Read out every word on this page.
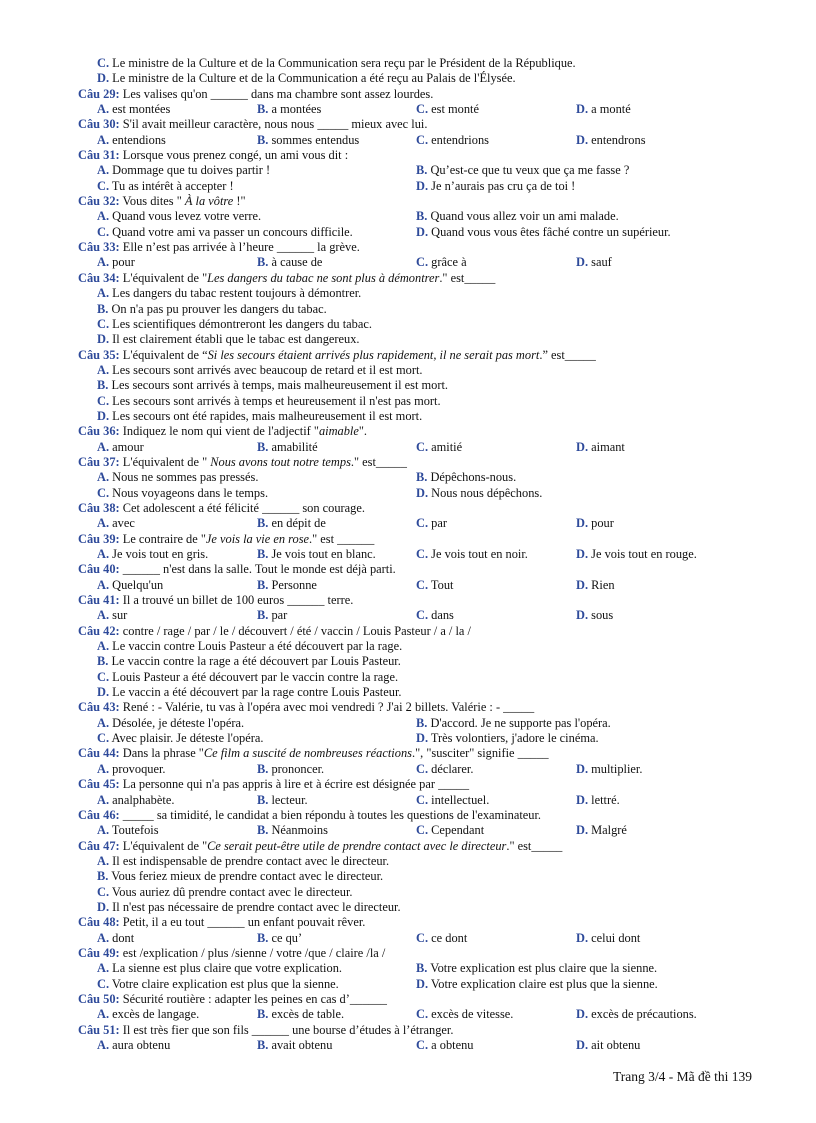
C. Le ministre de la Culture et de la Communication sera reçu par le Président de la République.
D. Le ministre de la Culture et de la Communication a été reçu au Palais de l'Élysée.
Câu 29: Les valises qu'on ______ dans ma chambre sont assez lourdes.
A. est montées	B. a montées	C. est monté	D. a monté
Câu 30: S'il avait meilleur caractère, nous nous _____ mieux avec lui.
A. entendions	B. sommes entendus	C. entendrions	D. entendrons
Câu 31: Lorsque vous prenez congé, un ami vous dit :
A. Dommage que tu doives partir !	B. Qu’est-ce que tu veux que ça me fasse ?
C. Tu as intérêt à accepter !	D. Je n’aurais pas cru ça de toi !
Câu 32: Vous dites " À la vôtre !"
A. Quand vous levez votre verre.	B. Quand vous allez voir un ami malade.
C. Quand votre ami va passer un concours difficile.	D. Quand vous vous êtes fâché contre un supérieur.
Câu 33: Elle n’est pas arrivée à l’heure ______ la grève.
A. pour	B. à cause de	C. grâce à	D. sauf
Câu 34: L'équivalent de "Les dangers du tabac ne sont plus à démontrer." est_____
A. Les dangers du tabac restent toujours à démontrer.
B. On n'a pas pu prouver les dangers du tabac.
C. Les scientifiques démontreront les dangers du tabac.
D. Il est clairement établi que le tabac est dangereux.
Câu 35: L'équivalent de “Si les secours étaient arrivés plus rapidement, il ne serait pas mort.” est_____
A. Les secours sont arrivés avec beaucoup de retard et il est mort.
B. Les secours sont arrivés à temps, mais malheureusement il est mort.
C. Les secours sont arrivés à temps et heureusement il n'est pas mort.
D. Les secours ont été rapides, mais malheureusement il est mort.
Câu 36: Indiquez le nom qui vient de l'adjectif "aimable".
A. amour	B. amabilité	C. amitié	D. aimant
Câu 37: L'équivalent de " Nous avons tout notre temps." est_____
A. Nous ne sommes pas pressés.	B. Dépêchons-nous.
C. Nous voyageons dans le temps.	D. Nous nous dépêchons.
Câu 38: Cet adolescent a été félicité ______ son courage.
A. avec	B. en dépit de	C. par	D. pour
Câu 39: Le contraire de "Je vois la vie en rose." est ______
A. Je vois tout en gris.	B. Je vois tout en blanc.	C. Je vois tout en noir.	D. Je vois tout en rouge.
Câu 40: ______ n'est dans la salle. Tout le monde est déjà parti.
A. Quelqu'un	B. Personne	C. Tout	D. Rien
Câu 41: Il a trouvé un billet de 100 euros ______ terre.
A. sur	B. par	C. dans	D. sous
Câu 42: contre / rage / par / le / découvert / été / vaccin / Louis Pasteur / a / la /
A. Le vaccin contre Louis Pasteur a été découvert par la rage.
B. Le vaccin contre la rage a été découvert par Louis Pasteur.
C. Louis Pasteur a été découvert par le vaccin contre la rage.
D. Le vaccin a été découvert par la rage contre Louis Pasteur.
Câu 43: René : - Valérie, tu vas à l'opéra avec moi vendredi ? J'ai 2 billets. Valérie : - _____
A. Désolée, je déteste l'opéra.	B. D'accord. Je ne supporte pas l'opéra.
C. Avec plaisir. Je déteste l'opéra.	D. Très volontiers, j'adore le cinéma.
Câu 44: Dans la phrase "Ce film a suscité de nombreuses réactions.", "susciter" signifie _____
A. provoquer.	B. prononcer.	C. déclarer.	D. multiplier.
Câu 45: La personne qui n'a pas appris à lire et à écrire est désignée par _____
A. analphabète.	B. lecteur.	C. intellectuel.	D. lettré.
Câu 46: _____ sa timidité, le candidat a bien répondu à toutes les questions de l'examinateur.
A. Toutefois	B. Néanmoins	C. Cependant	D. Malgré
Câu 47: L'équivalent de "Ce serait peut-être utile de prendre contact avec le directeur." est_____
A. Il est indispensable de prendre contact avec le directeur.
B. Vous feriez mieux de prendre contact avec le directeur.
C. Vous auriez dû prendre contact avec le directeur.
D. Il n'est pas nécessaire de prendre contact avec le directeur.
Câu 48: Petit, il a eu tout ______ un enfant pouvait rêver.
A. dont	B. ce qu’	C. ce dont	D. celui dont
Câu 49: est /explication / plus /sienne / votre /que / claire /la /
A. La sienne est plus claire que votre explication.	B. Votre explication est plus claire que la sienne.
C. Votre claire explication est plus que la sienne.	D. Votre explication claire est plus que la sienne.
Câu 50: Sécurité routière : adapter les peines en cas d’______
A. excès de langage.	B. excès de table.	C. excès de vitesse.	D. excès de précautions.
Câu 51: Il est très fier que son fils ______ une bourse d’études à l’étranger.
A. aura obtenu	B. avait obtenu	C. a obtenu	D. ait obtenu
Trang 3/4 - Mã đề thi 139
